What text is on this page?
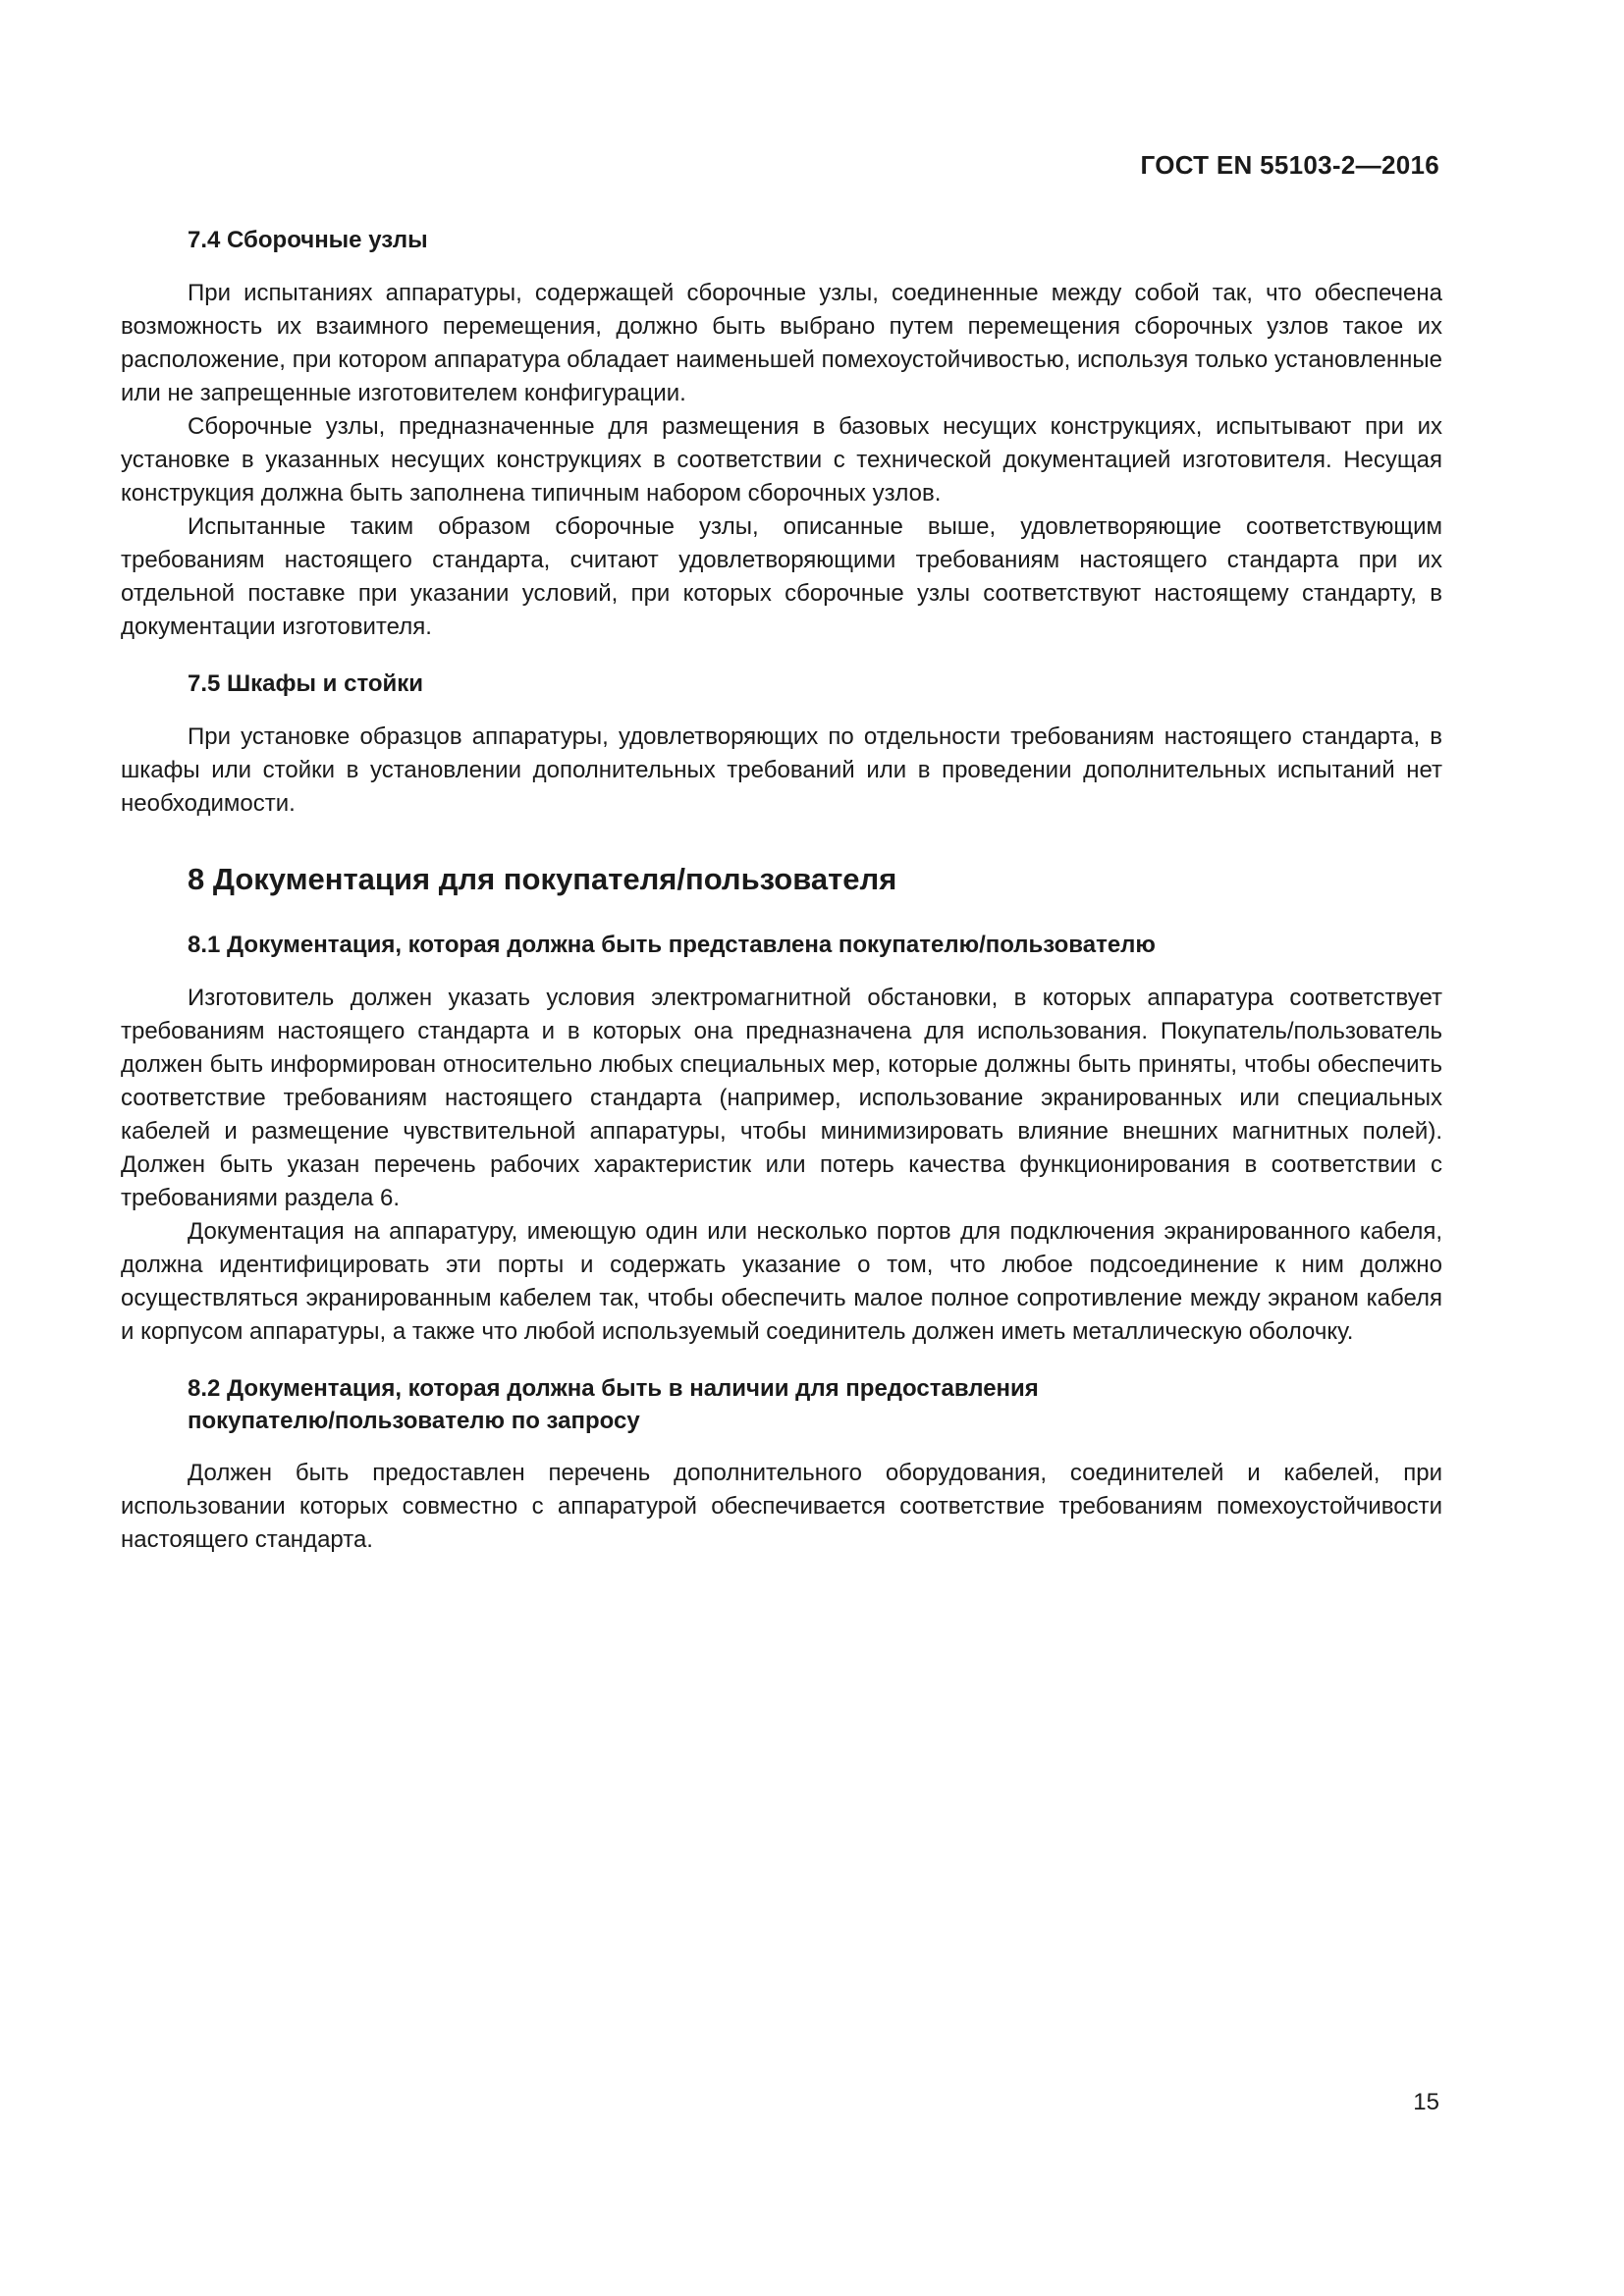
ГОСТ EN 55103-2—2016
7.4 Сборочные узлы

При испытаниях аппаратуры, содержащей сборочные узлы, соединенные между собой так, что обеспечена возможность их взаимного перемещения, должно быть выбрано путем перемещения сборочных узлов такое их расположение, при котором аппаратура обладает наименьшей помехоустойчивостью, используя только установленные или не запрещенные изготовителем конфигурации.

Сборочные узлы, предназначенные для размещения в базовых несущих конструкциях, испытывают при их установке в указанных несущих конструкциях в соответствии с технической документацией изготовителя. Несущая конструкция должна быть заполнена типичным набором сборочных узлов.

Испытанные таким образом сборочные узлы, описанные выше, удовлетворяющие соответствующим требованиям настоящего стандарта, считают удовлетворяющими требованиям настоящего стандарта при их отдельной поставке при указании условий, при которых сборочные узлы соответствуют настоящему стандарту, в документации изготовителя.

7.5 Шкафы и стойки

При установке образцов аппаратуры, удовлетворяющих по отдельности требованиям настоящего стандарта, в шкафы или стойки в установлении дополнительных требований или в проведении дополнительных испытаний нет необходимости.

8 Документация для покупателя/пользователя
8.1 Документация, которая должна быть представлена покупателю/пользователю

Изготовитель должен указать условия электромагнитной обстановки, в которых аппаратура соответствует требованиям настоящего стандарта и в которых она предназначена для использования. Покупатель/пользователь должен быть информирован относительно любых специальных мер, которые должны быть приняты, чтобы обеспечить соответствие требованиям настоящего стандарта (например, использование экранированных или специальных кабелей и размещение чувствительной аппаратуры, чтобы минимизировать влияние внешних магнитных полей). Должен быть указан перечень рабочих характеристик или потерь качества функционирования в соответствии с требованиями раздела 6.

Документация на аппаратуру, имеющую один или несколько портов для подключения экранированного кабеля, должна идентифицировать эти порты и содержать указание о том, что любое подсоединение к ним должно осуществляться экранированным кабелем так, чтобы обеспечить малое полное сопротивление между экраном кабеля и корпусом аппаратуры, а также что любой используемый соединитель должен иметь металлическую оболочку.

8.2 Документация, которая должна быть в наличии для предоставления
покупателю/пользователю по запросу

Должен быть предоставлен перечень дополнительного оборудования, соединителей и кабелей, при использовании которых совместно с аппаратурой обеспечивается соответствие требованиям помехоустойчивости настоящего стандарта.

15
